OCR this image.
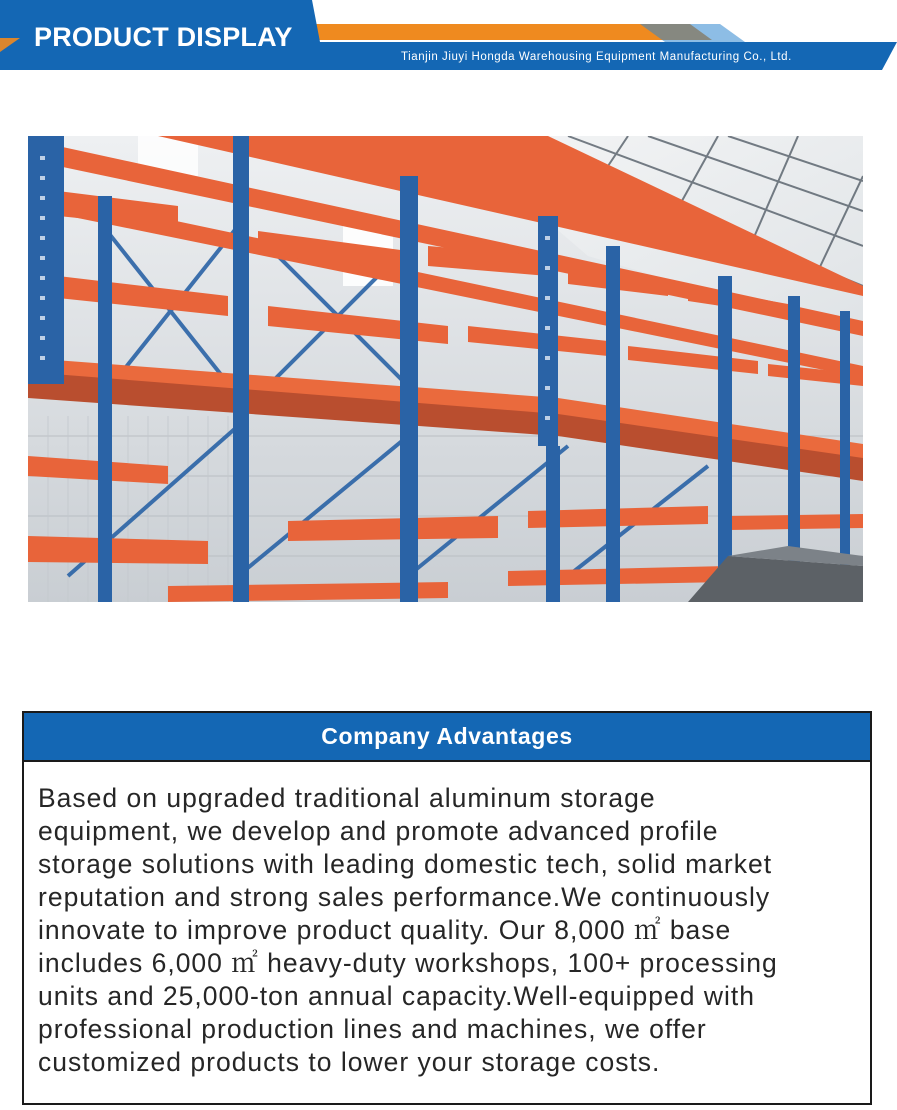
PRODUCT DISPLAY
Tianjin Jiuyi Hongda Warehousing Equipment Manufacturing Co., Ltd.
Company Advantages
Based on upgraded traditional aluminum storage
equipment, we develop and promote advanced profile
storage solutions with leading domestic tech, solid market
reputation and strong sales performance.We continuously
innovate to improve product quality. Our 8,000 ㎡ base
includes 6,000 ㎡ heavy-duty workshops, 100+ processing
units and 25,000-ton annual capacity.Well-equipped with
professional production lines and machines, we offer
customized products to lower your storage costs.
